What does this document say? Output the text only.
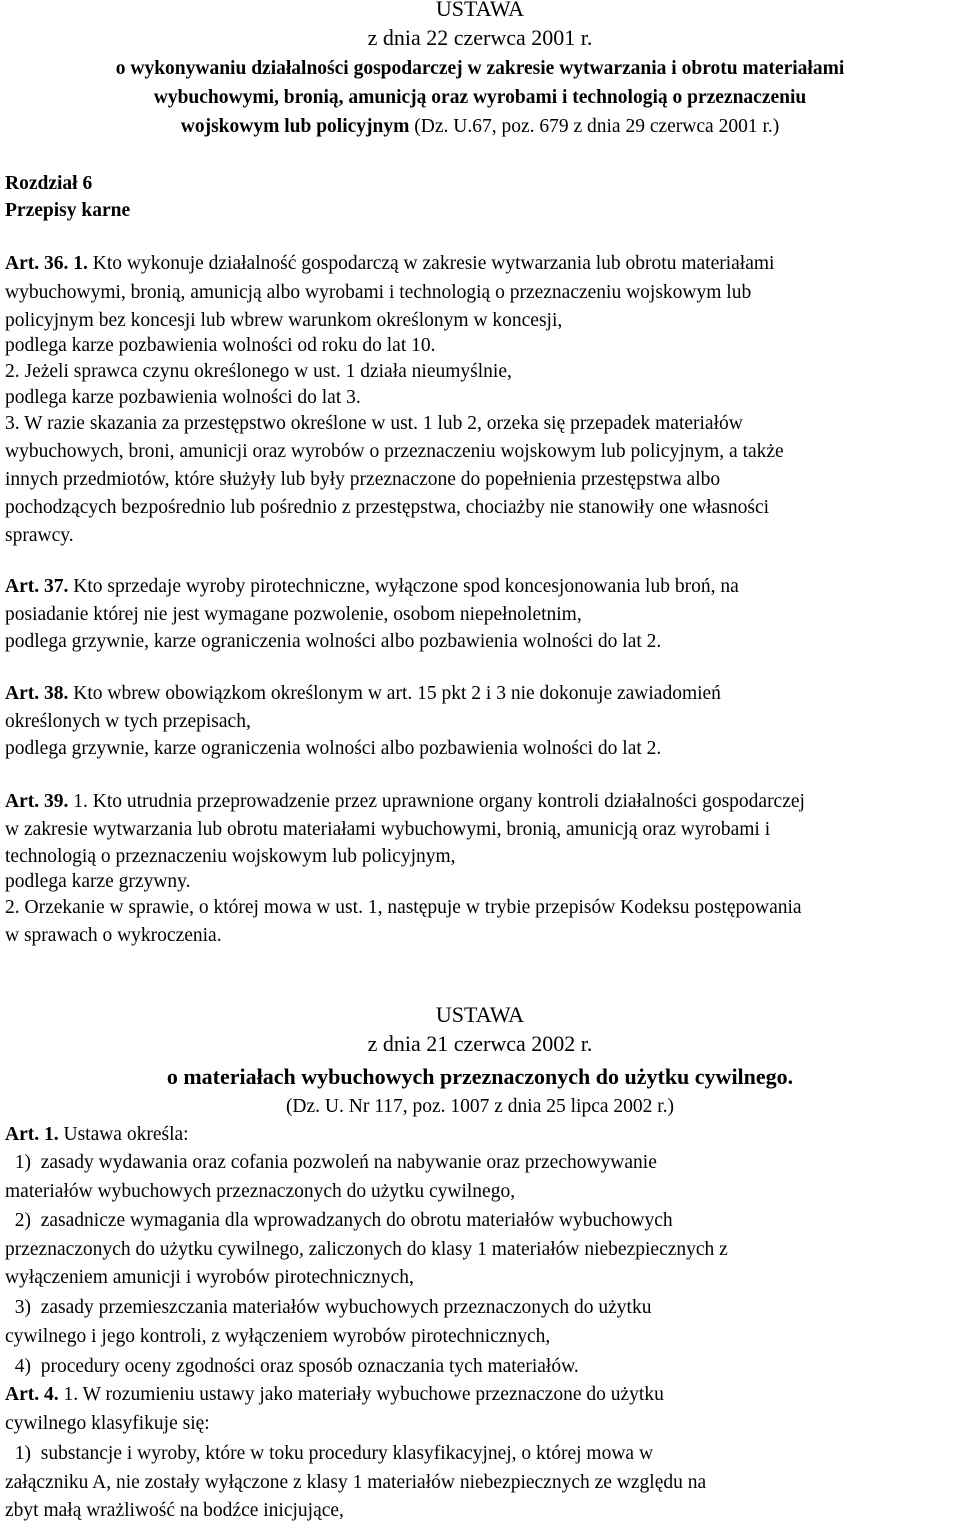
USTAWA
z dnia 22 czerwca 2001 r.
o wykonywaniu działalności gospodarczej w zakresie wytwarzania i obrotu materiałami
wybuchowymi, bronią, amunicją oraz wyrobami i technologią o przeznaczeniu
wojskowym lub policyjnym (Dz. U.67, poz. 679 z dnia 29 czerwca 2001 r.)
Rozdział 6
Przepisy karne
Art. 36. 1. Kto wykonuje działalność gospodarczą w zakresie wytwarzania lub obrotu materiałami
wybuchowymi, bronią, amunicją albo wyrobami i technologią o przeznaczeniu wojskowym lub
policyjnym bez koncesji lub wbrew warunkom określonym w koncesji,
podlega karze pozbawienia wolności od roku do lat 10.
2. Jeżeli sprawca czynu określonego w ust. 1 działa nieumyślnie,
podlega karze pozbawienia wolności do lat 3.
3. W razie skazania za przestępstwo określone w ust. 1 lub 2, orzeka się przepadek materiałów
wybuchowych, broni, amunicji oraz wyrobów o przeznaczeniu wojskowym lub policyjnym, a także
innych przedmiotów, które służyły lub były przeznaczone do popełnienia przestępstwa albo
pochodzących bezpośrednio lub pośrednio z przestępstwa, chociażby nie stanowiły one własności
sprawcy.
Art. 37. Kto sprzedaje wyroby pirotechniczne, wyłączone spod koncesjonowania lub broń, na
posiadanie której nie jest wymagane pozwolenie, osobom niepełnoletnim,
podlega grzywnie, karze ograniczenia wolności albo pozbawienia wolności do lat 2.
Art. 38. Kto wbrew obowiązkom określonym w art. 15 pkt 2 i 3 nie dokonuje zawiadomień
określonych w tych przepisach,
podlega grzywnie, karze ograniczenia wolności albo pozbawienia wolności do lat 2.
Art. 39. 1. Kto utrudnia przeprowadzenie przez uprawnione organy kontroli działalności gospodarczej
w zakresie wytwarzania lub obrotu materiałami wybuchowymi, bronią, amunicją oraz wyrobami i
technologią o przeznaczeniu wojskowym lub policyjnym,
podlega karze grzywny.
2. Orzekanie w sprawie, o której mowa w ust. 1, następuje w trybie przepisów Kodeksu postępowania
w sprawach o wykroczenia.
USTAWA
z dnia 21 czerwca 2002 r.
o materiałach wybuchowych przeznaczonych do użytku cywilnego.
(Dz. U. Nr 117, poz. 1007 z dnia 25 lipca 2002 r.)
Art. 1. Ustawa określa:
1)  zasady wydawania oraz cofania pozwoleń na nabywanie oraz przechowywanie
materiałów wybuchowych przeznaczonych do użytku cywilnego,
2)  zasadnicze wymagania dla wprowadzanych do obrotu materiałów wybuchowych
przeznaczonych do użytku cywilnego, zaliczonych do klasy 1 materiałów niebezpiecznych z
wyłączeniem amunicji i wyrobów pirotechnicznych,
3)  zasady przemieszczania materiałów wybuchowych przeznaczonych do użytku
cywilnego i jego kontroli, z wyłączeniem wyrobów pirotechnicznych,
4)  procedury oceny zgodności oraz sposób oznaczania tych materiałów.
Art. 4. 1. W rozumieniu ustawy jako materiały wybuchowe przeznaczone do użytku
cywilnego klasyfikuje się:
1)  substancje i wyroby, które w toku procedury klasyfikacyjnej, o której mowa w
załączniku A, nie zostały wyłączone z klasy 1 materiałów niebezpiecznych ze względu na
zbyt małą wrażliwość na bodźce inicjujące,
